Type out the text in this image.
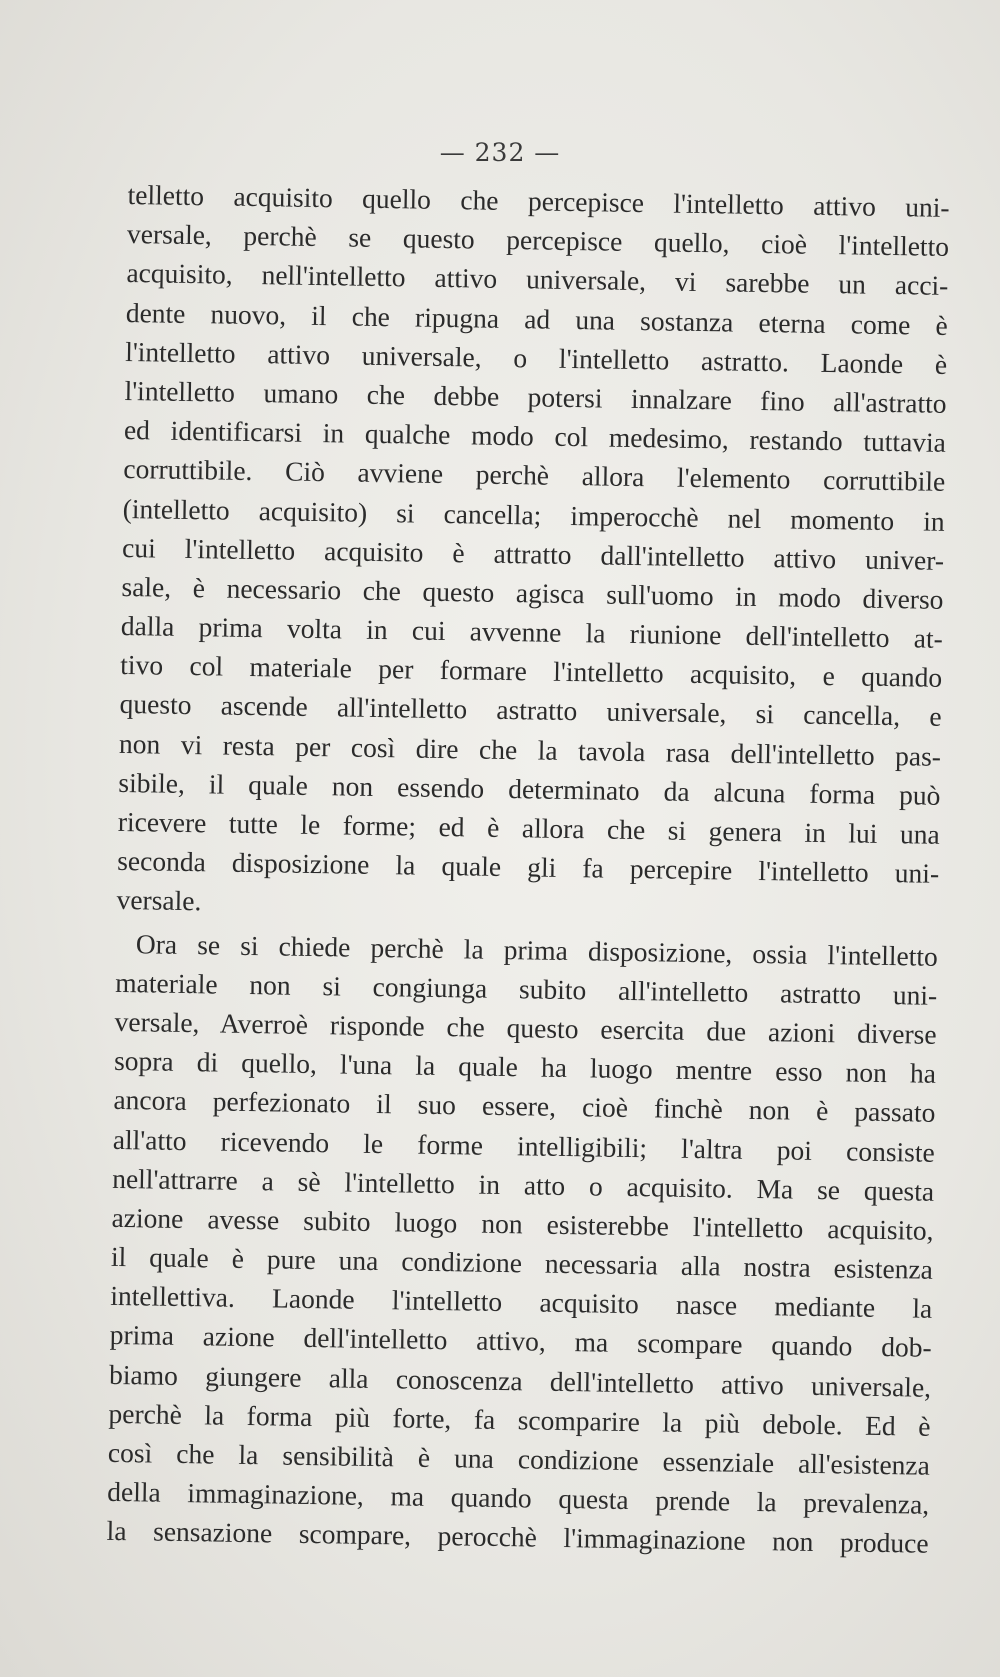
— 232 —
telletto acquisito quello che percepisce l'intelletto attivo uni-
versale, perchè se questo percepisce quello, cioè l'intelletto
acquisito, nell'intelletto attivo universale, vi sarebbe un acci-
dente nuovo, il che ripugna ad una sostanza eterna come è
l'intelletto attivo universale, o l'intelletto astratto. Laonde è
l'intelletto umano che debbe potersi innalzare fino all'astratto
ed identificarsi in qualche modo col medesimo, restando tuttavia
corruttibile. Ciò avviene perchè allora l'elemento corruttibile
(intelletto acquisito) si cancella; imperocchè nel momento in
cui l'intelletto acquisito è attratto dall'intelletto attivo univer-
sale, è necessario che questo agisca sull'uomo in modo diverso
dalla prima volta in cui avvenne la riunione dell'intelletto at-
tivo col materiale per formare l'intelletto acquisito, e quando
questo ascende all'intelletto astratto universale, si cancella, e
non vi resta per così dire che la tavola rasa dell'intelletto pas-
sibile, il quale non essendo determinato da alcuna forma può
ricevere tutte le forme; ed è allora che si genera in lui una
seconda disposizione la quale gli fa percepire l'intelletto uni-
versale.
Ora se si chiede perchè la prima disposizione, ossia l'intelletto
materiale non si congiunga subito all'intelletto astratto uni-
versale, Averroè risponde che questo esercita due azioni diverse
sopra di quello, l'una la quale ha luogo mentre esso non ha
ancora perfezionato il suo essere, cioè finchè non è passato
all'atto ricevendo le forme intelligibili; l'altra poi consiste
nell'attrarre a sè l'intelletto in atto o acquisito. Ma se questa
azione avesse subito luogo non esisterebbe l'intelletto acquisito,
il quale è pure una condizione necessaria alla nostra esistenza
intellettiva. Laonde l'intelletto acquisito nasce mediante la
prima azione dell'intelletto attivo, ma scompare quando dob-
biamo giungere alla conoscenza dell'intelletto attivo universale,
perchè la forma più forte, fa scomparire la più debole. Ed è
così che la sensibilità è una condizione essenziale all'esistenza
della immaginazione, ma quando questa prende la prevalenza,
la sensazione scompare, perocchè l'immaginazione non produce
